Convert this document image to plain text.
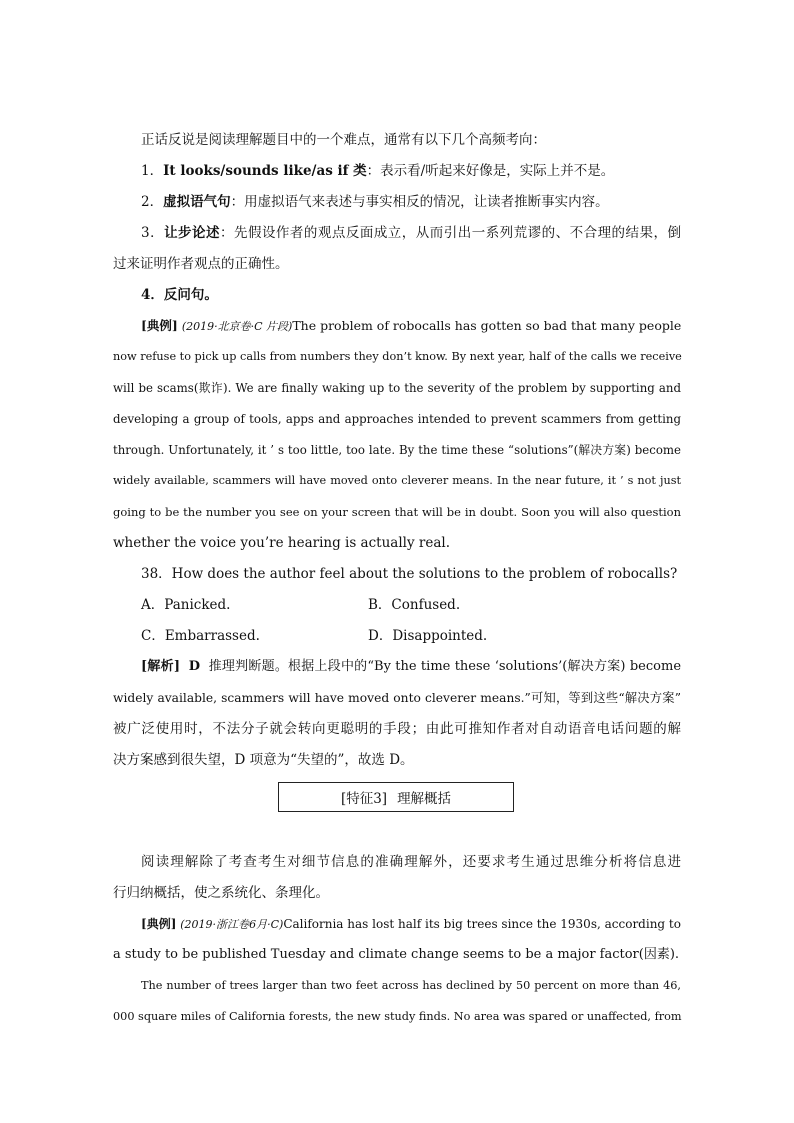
正话反说是阅读理解题目中的一个难点，通常有以下几个高频考向：
1．It looks/sounds like/as if 类：表示看/听起来好像是，实际上并不是。
2．虚拟语气句：用虚拟语气来表述与事实相反的情况，让读者推断事实内容。
3．让步论述：先假设作者的观点反面成立，从而引出一系列荒谬的、不合理的结果，倒
过来证明作者观点的正确性。
4．反问句。
[典例] (2019·北京卷·C 片段)The problem of robocalls has gotten so bad that many people
now refuse to pick up calls from numbers they don’t know. By next year, half of the calls we receive
will be scams(欺诈). We are finally waking up to the severity of the problem by supporting and
developing a group of tools, apps and approaches intended to prevent scammers from getting
through. Unfortunately, it ’ s too little, too late. By the time these “solutions”(解决方案) become
widely available, scammers will have moved onto cleverer means. In the near future, it ’ s not just
going to be the number you see on your screen that will be in doubt. Soon you will also question
whether the voice you’re hearing is actually real.
38．How does the author feel about the solutions to the problem of robocalls?
A．Panicked.	B．Confused.
C．Embarrassed.	D．Disappointed.
[解析] D 推理判断题。根据上段中的“By the time these ‘solutions’(解决方案) become
widely available, scammers will have moved onto cleverer means.”可知，等到这些“解决方案”
被广泛使用时，不法分子就会转向更聪明的手段；由此可推知作者对自动语音电话问题的解
决方案感到很失望，D 项意为“失望的”，故选 D。
[特征3] 理解概括
阅读理解除了考查考生对细节信息的准确理解外，还要求考生通过思维分析将信息进
行归纳概括，使之系统化、条理化。
[典例] (2019·浙江卷6月·C)California has lost half its big trees since the 1930s, according to
a study to be published Tuesday and climate change seems to be a major factor(因素).
The number of trees larger than two feet across has declined by 50 percent on more than 46,
000 square miles of California forests, the new study finds. No area was spared or unaffected, from
